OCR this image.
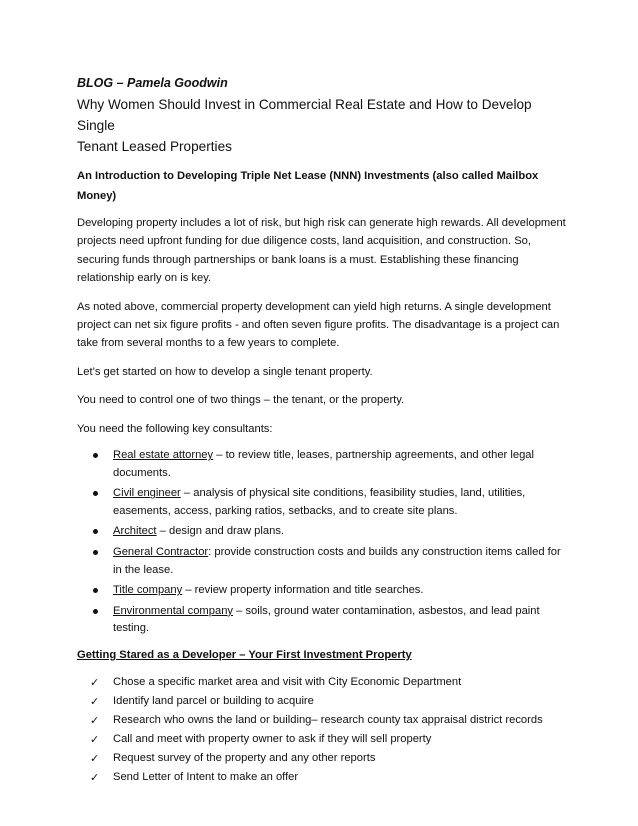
BLOG – Pamela Goodwin

Why Women Should Invest in Commercial Real Estate and How to Develop Single
Tenant Leased Properties

An Introduction to Developing Triple Net Lease (NNN) Investments (also called Mailbox Money)

Developing property includes a lot of risk, but high risk can generate high rewards. All development projects need upfront funding for due diligence costs, land acquisition, and construction. So, securing funds through partnerships or bank loans is a must. Establishing these financing relationship early on is key.

As noted above, commercial property development can yield high returns. A single development project can net six figure profits - and often seven figure profits. The disadvantage is a project can take from several months to a few years to complete.

Let’s get started on how to develop a single tenant property.

You need to control one of two things – the tenant, or the property.

You need the following key consultants:

Real estate attorney – to review title, leases, partnership agreements, and other legal documents.
Civil engineer – analysis of physical site conditions, feasibility studies, land, utilities, easements, access, parking ratios, setbacks, and to create site plans.
Architect – design and draw plans.
General Contractor: provide construction costs and builds any construction items called for in the lease.
Title company – review property information and title searches.
Environmental company – soils, ground water contamination, asbestos, and lead paint testing.

Getting Stared as a Developer – Your First Investment Property

✓ Chose a specific market area and visit with City Economic Department
✓ Identify land parcel or building to acquire
✓ Research who owns the land or building– research county tax appraisal district records
✓ Call and meet with property owner to ask if they will sell property
✓ Request survey of the property and any other reports
✓ Send Letter of Intent to make an offer
